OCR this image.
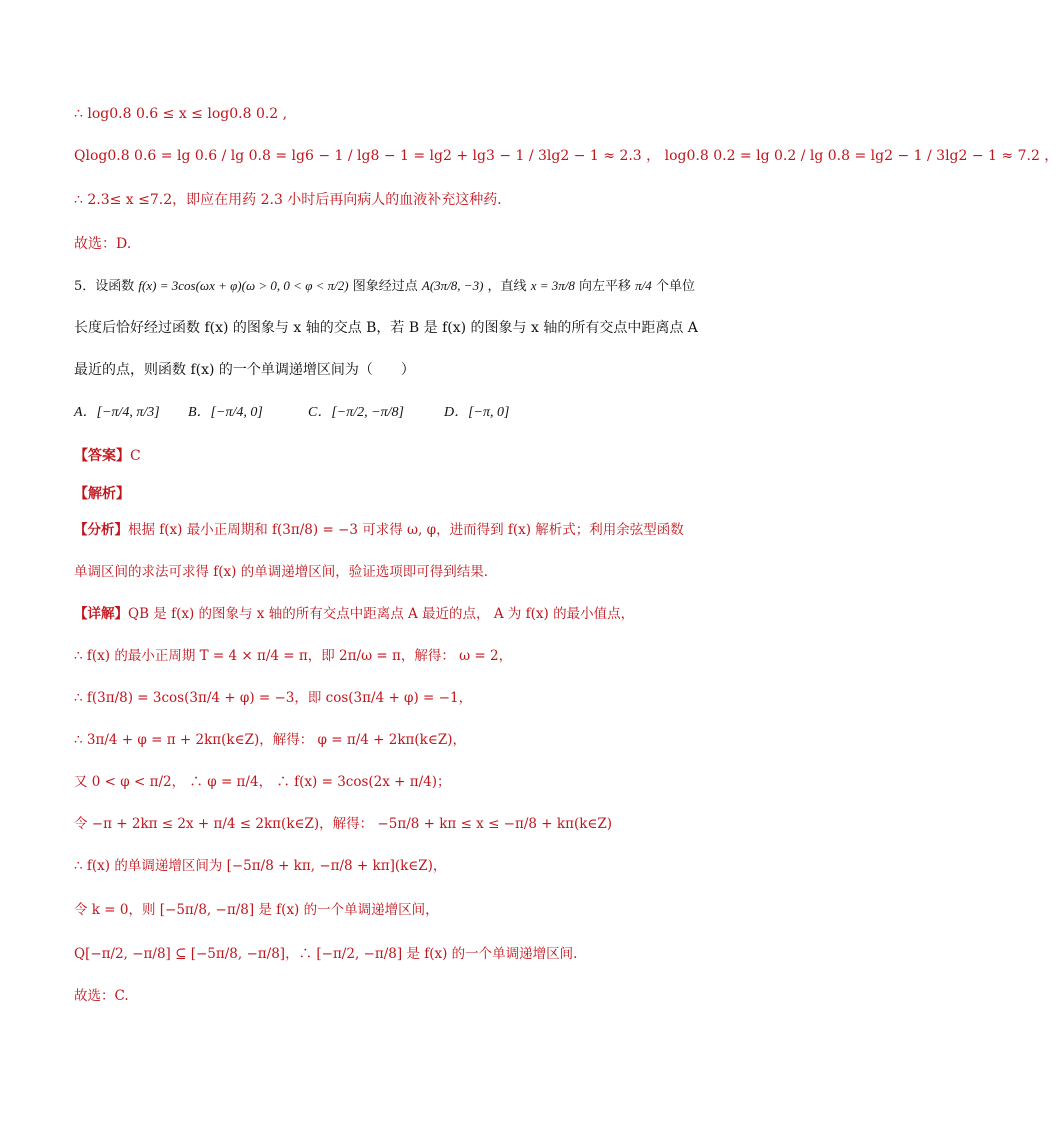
∴ log0.8 0.6 ≤ x ≤ log0.8 0.2 ,
Qlog0.8 0.6 = lg 0.6 / lg 0.8 = lg6 − 1 / lg8 − 1 = lg2 + lg3 − 1 / 3lg2 − 1 ≈ 2.3 ， log0.8 0.2 = lg 0.2 / lg 0.8 = lg2 − 1 / 3lg2 − 1 ≈ 7.2 ，
∴ 2.3≤ x ≤7.2，即应在用药 2.3 小时后再向病人的血液补充这种药．
故选：D.
5．设函数 f(x) = 3cos(ωx + φ)(ω > 0, 0 < φ < π/2) 图象经过点 A(3π/8, −3) ，直线 x = 3π/8 向左平移 π/4 个单位
长度后恰好经过函数 f(x) 的图象与 x 轴的交点 B，若 B 是 f(x) 的图象与 x 轴的所有交点中距离点 A
最近的点，则函数 f(x) 的一个单调递增区间为（　　）
A．[−π/4, π/3] B．[−π/4, 0]	C．[−π/2, −π/8]	D．[−π, 0]
【答案】C
【解析】
【分析】根据 f(x) 最小正周期和 f(3π/8) = −3 可求得 ω, φ，进而得到 f(x) 解析式；利用余弦型函数
单调区间的求法可求得 f(x) 的单调递增区间，验证选项即可得到结果．
【详解】QB 是 f(x) 的图象与 x 轴的所有交点中距离点 A 最近的点， A 为 f(x) 的最小值点，
∴ f(x) 的最小正周期 T = 4 × π/4 = π，即 2π/ω = π，解得： ω = 2，
∴ f(3π/8) = 3cos(3π/4 + φ) = −3，即 cos(3π/4 + φ) = −1，
∴ 3π/4 + φ = π + 2kπ(k∈Z)，解得： φ = π/4 + 2kπ(k∈Z)，
又 0 < φ < π/2， ∴ φ = π/4， ∴ f(x) = 3cos(2x + π/4)；
令 −π + 2kπ ≤ 2x + π/4 ≤ 2kπ(k∈Z)，解得： −5π/8 + kπ ≤ x ≤ −π/8 + kπ(k∈Z)
∴ f(x) 的单调递增区间为 [−5π/8 + kπ, −π/8 + kπ](k∈Z)，
令 k = 0，则 [−5π/8, −π/8] 是 f(x) 的一个单调递增区间，
Q[−π/2, −π/8] ⊆ [−5π/8, −π/8]，∴ [−π/2, −π/8] 是 f(x) 的一个单调递增区间.
故选：C.
